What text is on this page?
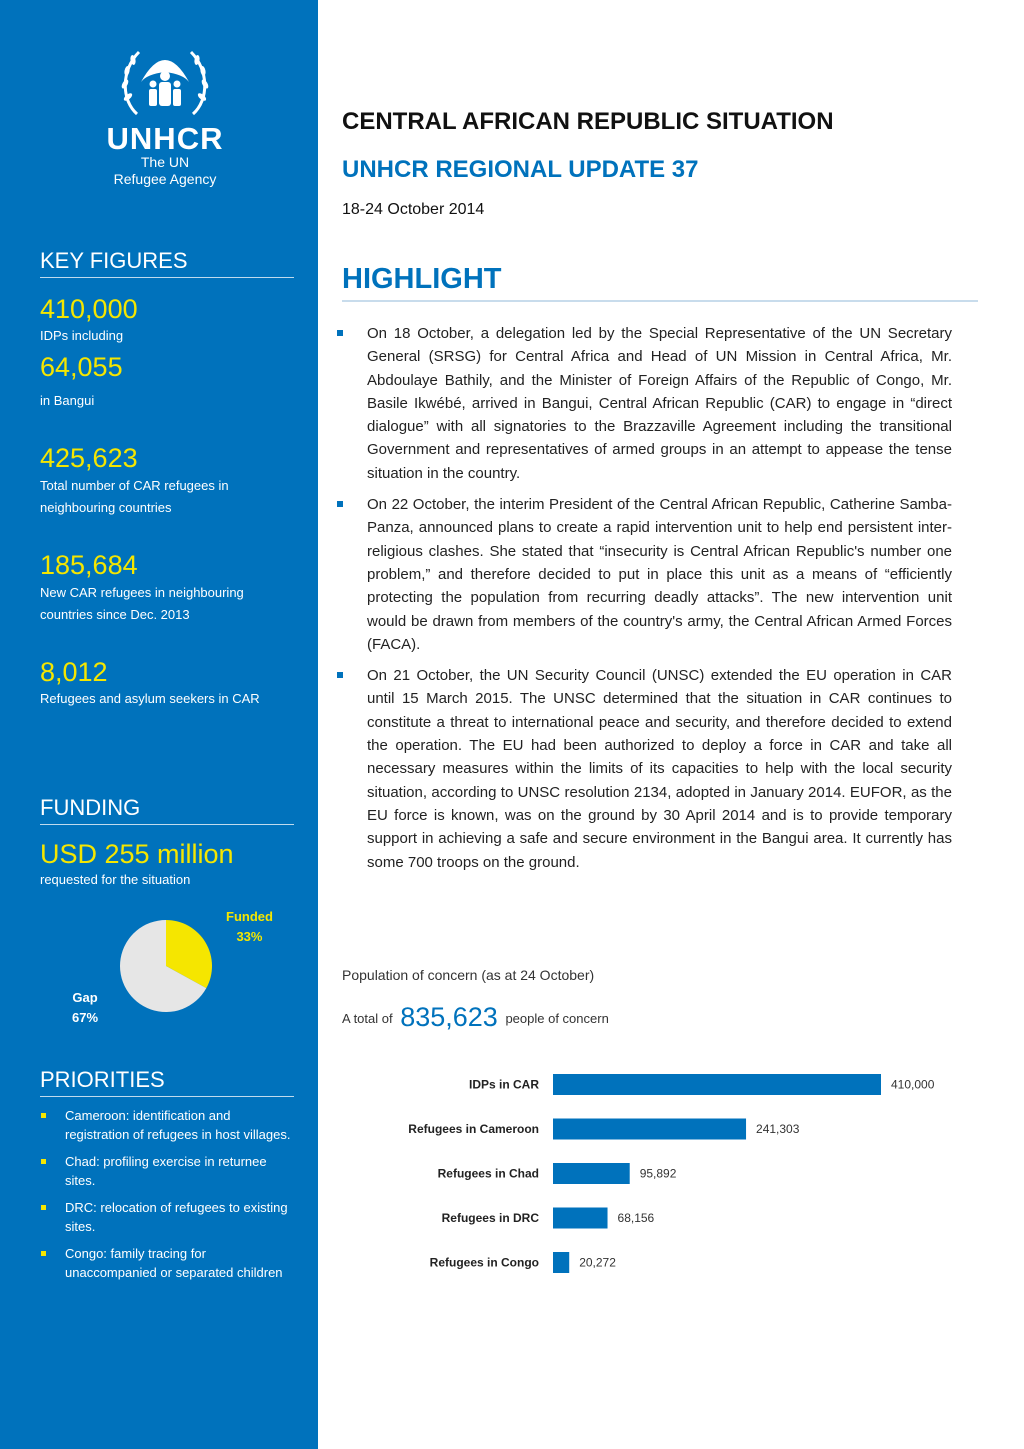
UNHCR
The UN
Refugee Agency
KEY FIGURES
410,000
IDPs including
64,055
in Bangui
425,623
Total number of CAR refugees in neighbouring countries
185,684
New CAR refugees in neighbouring countries since Dec. 2013
8,012
Refugees and asylum seekers in CAR
FUNDING
USD 255 million
requested for the situation
Funded
33%
Gap
67%
PRIORITIES
Cameroon: identification and registration of refugees in host villages.
Chad: profiling exercise in returnee sites.
DRC: relocation of refugees to existing sites.
Congo: family tracing for unaccompanied or separated children
CENTRAL AFRICAN REPUBLIC SITUATION
UNHCR REGIONAL UPDATE 37
18-24 October 2014
HIGHLIGHT
On 18 October, a delegation led by the Special Representative of the UN Secretary General (SRSG) for Central Africa and Head of UN Mission in Central Africa, Mr. Abdoulaye Bathily, and the Minister of Foreign Affairs of the Republic of Congo, Mr. Basile Ikwébé, arrived in Bangui, Central African Republic (CAR) to engage in “direct dialogue” with all signatories to the Brazzaville Agreement including the transitional Government and representatives of armed groups in an attempt to appease the tense situation in the country.
On 22 October, the interim President of the Central African Republic, Catherine Samba-Panza, announced plans to create a rapid intervention unit to help end persistent inter-religious clashes. She stated that “insecurity is Central African Republic's number one problem,” and therefore decided to put in place this unit as a means of “efficiently protecting the population from recurring deadly attacks”. The new intervention unit would be drawn from members of the country's army, the Central African Armed Forces (FACA).
On 21 October, the UN Security Council (UNSC) extended the EU operation in CAR until 15 March 2015. The UNSC determined that the situation in CAR continues to constitute a threat to international peace and security, and therefore decided to extend the operation. The EU had been authorized to deploy a force in CAR and take all necessary measures within the limits of its capacities to help with the local security situation, according to UNSC resolution 2134, adopted in January 2014. EUFOR, as the EU force is known, was on the ground by 30 April 2014 and is to provide temporary support in achieving a safe and secure environment in the Bangui area. It currently has some 700 troops on the ground.
Population of concern (as at 24 October)
A total of 835,623 people of concern
IDPs in CAR	410,000
Refugees in Cameroon	241,303
Refugees in Chad	95,892
Refugees in DRC	68,156
Refugees in Congo	20,272
